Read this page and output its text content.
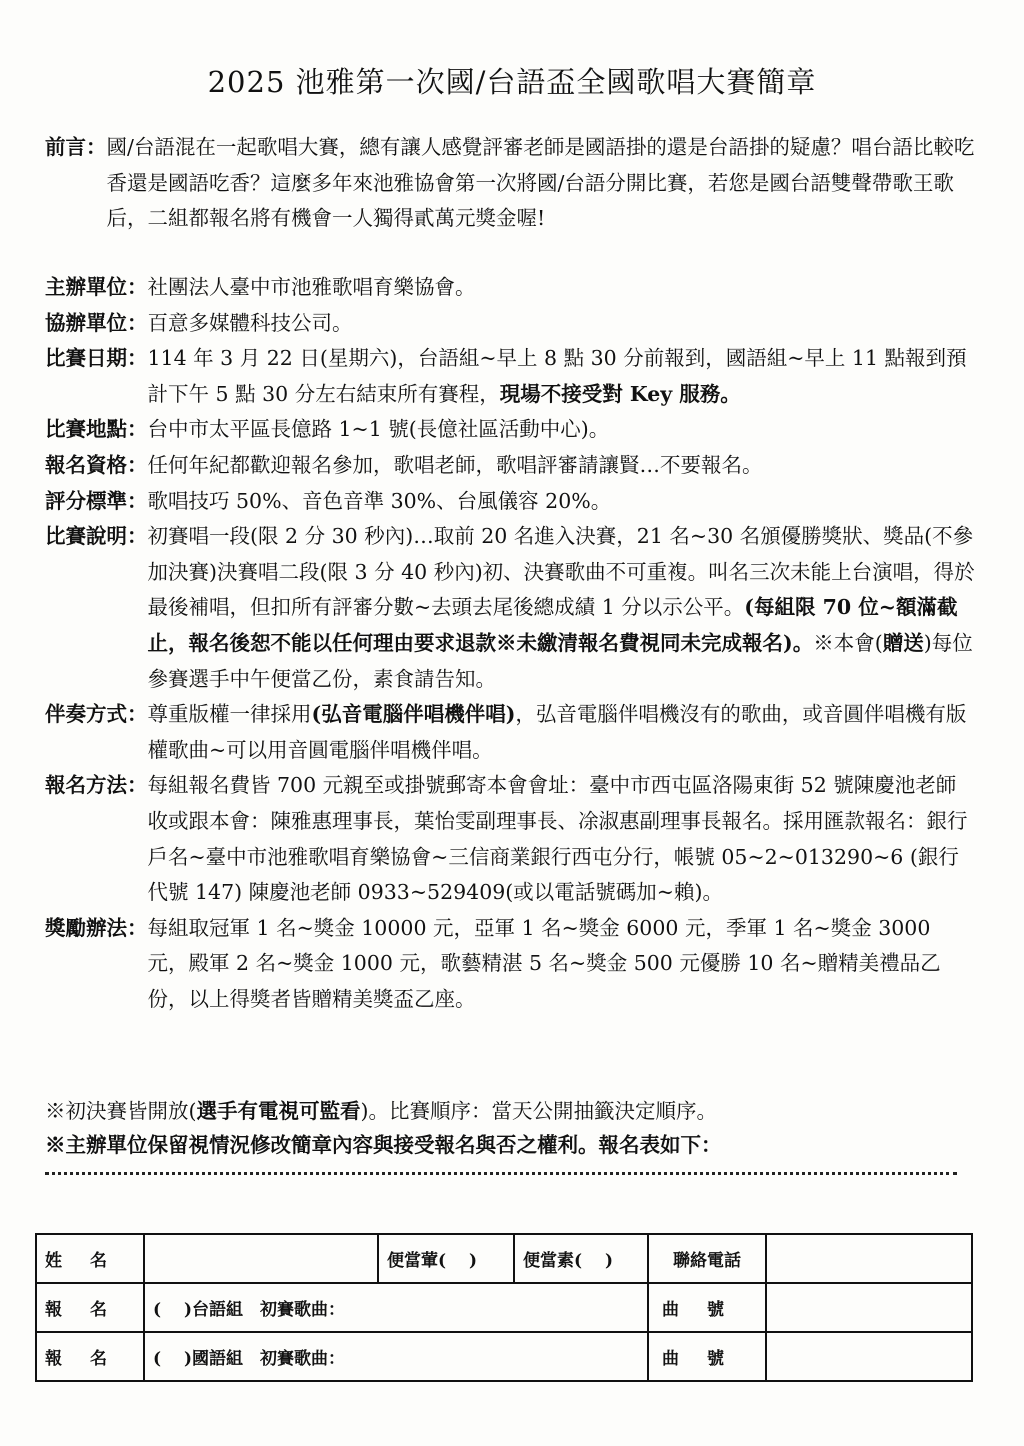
2025 池雅第一次國/台語盃全國歌唱大賽簡章
前言： 國/台語混在一起歌唱大賽，總有讓人感覺評審老師是國語掛的還是台語掛的疑慮？唱台語比較吃香還是國語吃香？這麼多年來池雅協會第一次將國/台語分開比賽，若您是國台語雙聲帶歌王歌后，二組都報名將有機會一人獨得貳萬元獎金喔!
主辦單位： 社團法人臺中市池雅歌唱育樂協會。
協辦單位： 百意多媒體科技公司。
比賽日期： 114 年 3 月 22 日(星期六)，台語組~早上 8 點 30 分前報到，國語組~早上 11 點報到預計下午 5 點 30 分左右結束所有賽程，現場不接受對 Key 服務。
比賽地點： 台中市太平區長億路 1~1 號(長億社區活動中心)。
報名資格： 任何年紀都歡迎報名參加，歌唱老師，歌唱評審請讓賢…不要報名。
評分標準： 歌唱技巧 50%、音色音準 30%、台風儀容 20%。
比賽說明： 初賽唱一段(限 2 分 30 秒內)…取前 20 名進入決賽，21 名~30 名頒優勝獎狀、獎品(不參加決賽)決賽唱二段(限 3 分 40 秒內)初、決賽歌曲不可重複。叫名三次未能上台演唱，得於最後補唱，但扣所有評審分數~去頭去尾後總成績 1 分以示公平。(每組限 70 位~額滿截止，報名後恕不能以任何理由要求退款※未繳清報名費視同未完成報名)。※本會(贈送)每位參賽選手中午便當乙份，素食請告知。
伴奏方式： 尊重版權一律採用(弘音電腦伴唱機伴唱)，弘音電腦伴唱機沒有的歌曲，或音圓伴唱機有版權歌曲~可以用音圓電腦伴唱機伴唱。
報名方法： 每組報名費皆 700 元親至或掛號郵寄本會會址：臺中市西屯區洛陽東街 52 號陳慶池老師收或跟本會：陳雅惠理事長，葉怡雯副理事長、凃淑惠副理事長報名。採用匯款報名：銀行戶名~臺中市池雅歌唱育樂協會~三信商業銀行西屯分行，帳號 05~2~013290~6 (銀行代號 147) 陳慶池老師 0933~529409(或以電話號碼加~賴)。
獎勵辦法： 每組取冠軍 1 名~獎金 10000 元，亞軍 1 名~獎金 6000 元，季軍 1 名~獎金 3000 元，殿軍 2 名~獎金 1000 元，歌藝精湛 5 名~獎金 500 元優勝 10 名~贈精美禮品乙份，以上得獎者皆贈精美獎盃乙座。
※初決賽皆開放(選手有電視可監看)。比賽順序：當天公開抽籤決定順序。
※主辦單位保留視情況修改簡章內容與接受報名與否之權利。報名表如下：
姓名		便當葷(　 )	便當素(　 )	聯絡電話	
報名	(　 )台語組　初賽歌曲：			曲號	
報名	(　 )國語組　初賽歌曲：			曲號	
